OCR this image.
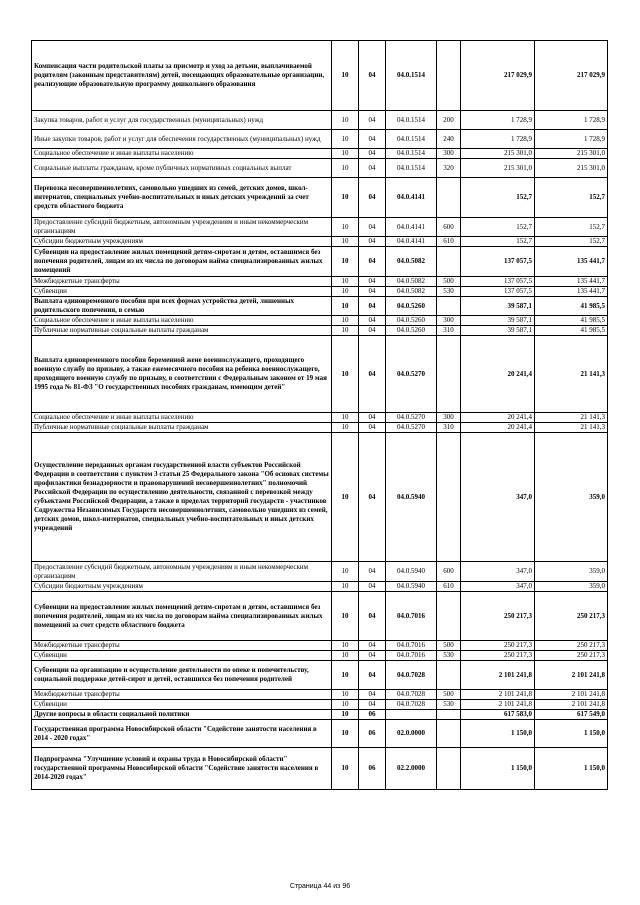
Компенсация части родительской платы за присмотр и уход за детьми, выплачиваемой родителям (законным представителям) детей, посещающих образовательные организации, реализующие образовательную программу дошкольного образования	10	04	04.0.1514		217 029,9	217 029,9
Закупка товаров, работ и услуг для государственных (муниципальных) нужд	10	04	04.0.1514	200	1 728,9	1 728,9
Иные закупки товаров, работ и услуг для обеспечения государственных (муниципальных) нужд	10	04	04.0.1514	240	1 728,9	1 728,9
Социальное обеспечение и иные выплаты населению	10	04	04.0.1514	300	215 301,0	215 301,0
Социальные выплаты гражданам, кроме публичных нормативных социальных выплат	10	04	04.0.1514	320	215 301,0	215 301,0
Перевозка несовершеннолетних, самовольно ушедших из семей, детских домов, школ-интернатов, специальных учебно-воспитательных и иных детских учреждений за счет средств областного бюджета	10	04	04.0.4141		152,7	152,7
Предоставление субсидий бюджетным, автономным учреждениям и иным некоммерческим организациям	10	04	04.0.4141	600	152,7	152,7
Субсидии бюджетным учреждениям	10	04	04.0.4141	610	152,7	152,7
Субвенции на предоставление жилых помещений детям-сиротам и детям, оставшимся без попечения родителей, лицам из их числа по договорам найма специализированных жилых помещений	10	04	04.0.5082		137 057,5	135 441,7
Межбюджетные трансферты	10	04	04.0.5082	500	137 057,5	135 441,7
Субвенции	10	04	04.0.5082	530	137 057,5	135 441,7
Выплата единовременного пособия при всех формах устройства детей, лишенных родительского попечения, в семью	10	04	04.0.5260		39 587,1	41 985,5
Социальное обеспечение и иные выплаты населению	10	04	04.0.5260	300	39 587,1	41 985,5
Публичные нормативные социальные выплаты гражданам	10	04	04.0.5260	310	39 587,1	41 985,5
Выплата единовременного пособия беременной жене военнослужащего, проходящего военную службу по призыву, а также ежемесячного пособия на ребенка военнослужащего, проходящего военную службу по призыву, в соответствии с Федеральным законом от 19 мая 1995 года № 81-ФЗ "О государственных пособиях гражданам, имеющим детей"	10	04	04.0.5270		20 241,4	21 141,3
Социальное обеспечение и иные выплаты населению	10	04	04.0.5270	300	20 241,4	21 141,3
Публичные нормативные социальные выплаты гражданам	10	04	04.0.5270	310	20 241,4	21 141,3
Осуществление переданных органам государственной власти субъектов Российской Федерации в соответствии с пунктом 3 статьи 25 Федерального закона "Об основах системы профилактики безнадзорности и правонарушений несовершеннолетних" полномочий Российской Федерации по осуществлению деятельности, связанной с перевозкой между субъектами Российской Федерации, а также в пределах территорий государств - участников Содружества Независимых Государств несовершеннолетних, самовольно ушедших из семей, детских домов, школ-интернатов, специальных учебно-воспитательных и иных детских учреждений	10	04	04.0.5940		347,0	359,0
Предоставление субсидий бюджетным, автономным учреждениям и иным некоммерческим организациям	10	04	04.0.5940	600	347,0	359,0
Субсидии бюджетным учреждениям	10	04	04.0.5940	610	347,0	359,0
Субвенции на предоставление жилых помещений детям-сиротам и детям, оставшимся без попечения родителей, лицам из их числа по договорам найма специализированных жилых помещений за счет средств областного бюджета	10	04	04.0.7016		250 217,3	250 217,3
Межбюджетные трансферты	10	04	04.0.7016	500	250 217,3	250 217,3
Субвенции	10	04	04.0.7016	530	250 217,3	250 217,3
Субвенции на организацию и осуществление деятельности по опеке и попечительству, социальной поддержке детей-сирот и детей, оставшихся без попечения родителей	10	04	04.0.7028		2 101 241,8	2 101 241,8
Межбюджетные трансферты	10	04	04.0.7028	500	2 101 241,8	2 101 241,8
Субвенции	10	04	04.0.7028	530	2 101 241,8	2 101 241,8
Другие вопросы в области социальной политики	10	06			617 583,0	617 549,0
Государственная программа Новосибирской области "Содействие занятости населения в 2014 - 2020 годах"	10	06	02.0.0000		1 150,0	1 150,0
Подпрограмма "Улучшение условий и охраны труда в Новосибирской области" государственной программы Новосибирской области "Содействие занятости населения в 2014-2020 годах"	10	06	02.2.0000		1 150,0	1 150,0
Страница 44 из 96
